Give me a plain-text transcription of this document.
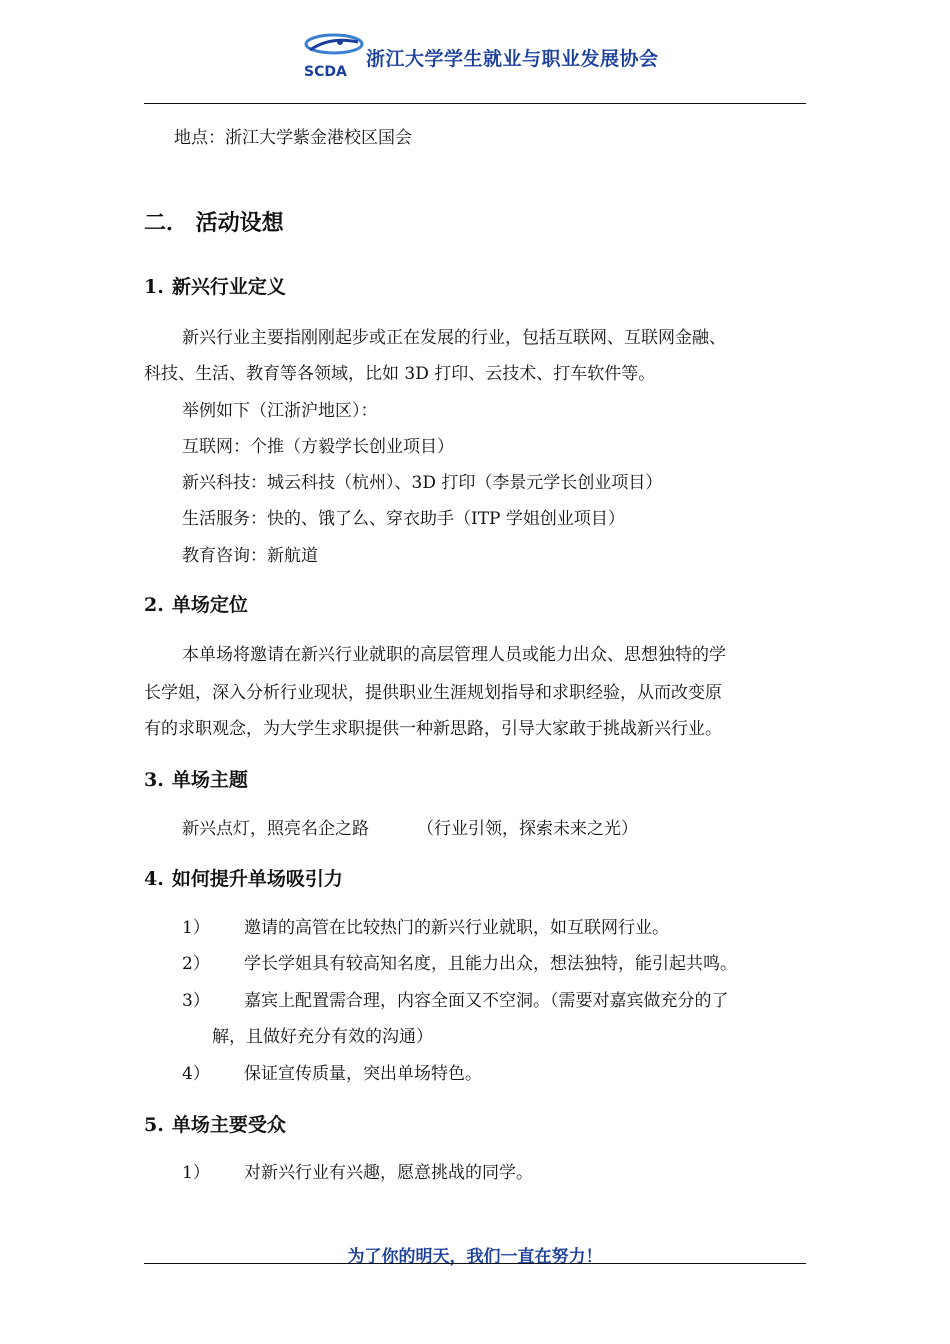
SCDA
浙江大学学生就业与职业发展协会
地点：浙江大学紫金港校区国会
二． 活动设想
1. 新兴行业定义
新兴行业主要指刚刚起步或正在发展的行业，包括互联网、互联网金融、
科技、生活、教育等各领域，比如 3D 打印、云技术、打车软件等。
举例如下（江浙沪地区）：
互联网：个推（方毅学长创业项目）
新兴科技：城云科技（杭州）、3D 打印（李景元学长创业项目）
生活服务：快的、饿了么、穿衣助手（ITP 学姐创业项目）
教育咨询：新航道
2. 单场定位
本单场将邀请在新兴行业就职的高层管理人员或能力出众、思想独特的学
长学姐，深入分析行业现状，提供职业生涯规划指导和求职经验，从而改变原
有的求职观念，为大学生求职提供一种新思路，引导大家敢于挑战新兴行业。
3. 单场主题
新兴点灯，照亮名企之路	（行业引领，探索未来之光）
4. 如何提升单场吸引力
1） 邀请的高管在比较热门的新兴行业就职，如互联网行业。
2） 学长学姐具有较高知名度，且能力出众，想法独特，能引起共鸣。
3） 嘉宾上配置需合理，内容全面又不空洞。（需要对嘉宾做充分的了
解，且做好充分有效的沟通）
4） 保证宣传质量，突出单场特色。
5. 单场主要受众
1） 对新兴行业有兴趣，愿意挑战的同学。
为了你的明天，我们一直在努力！
